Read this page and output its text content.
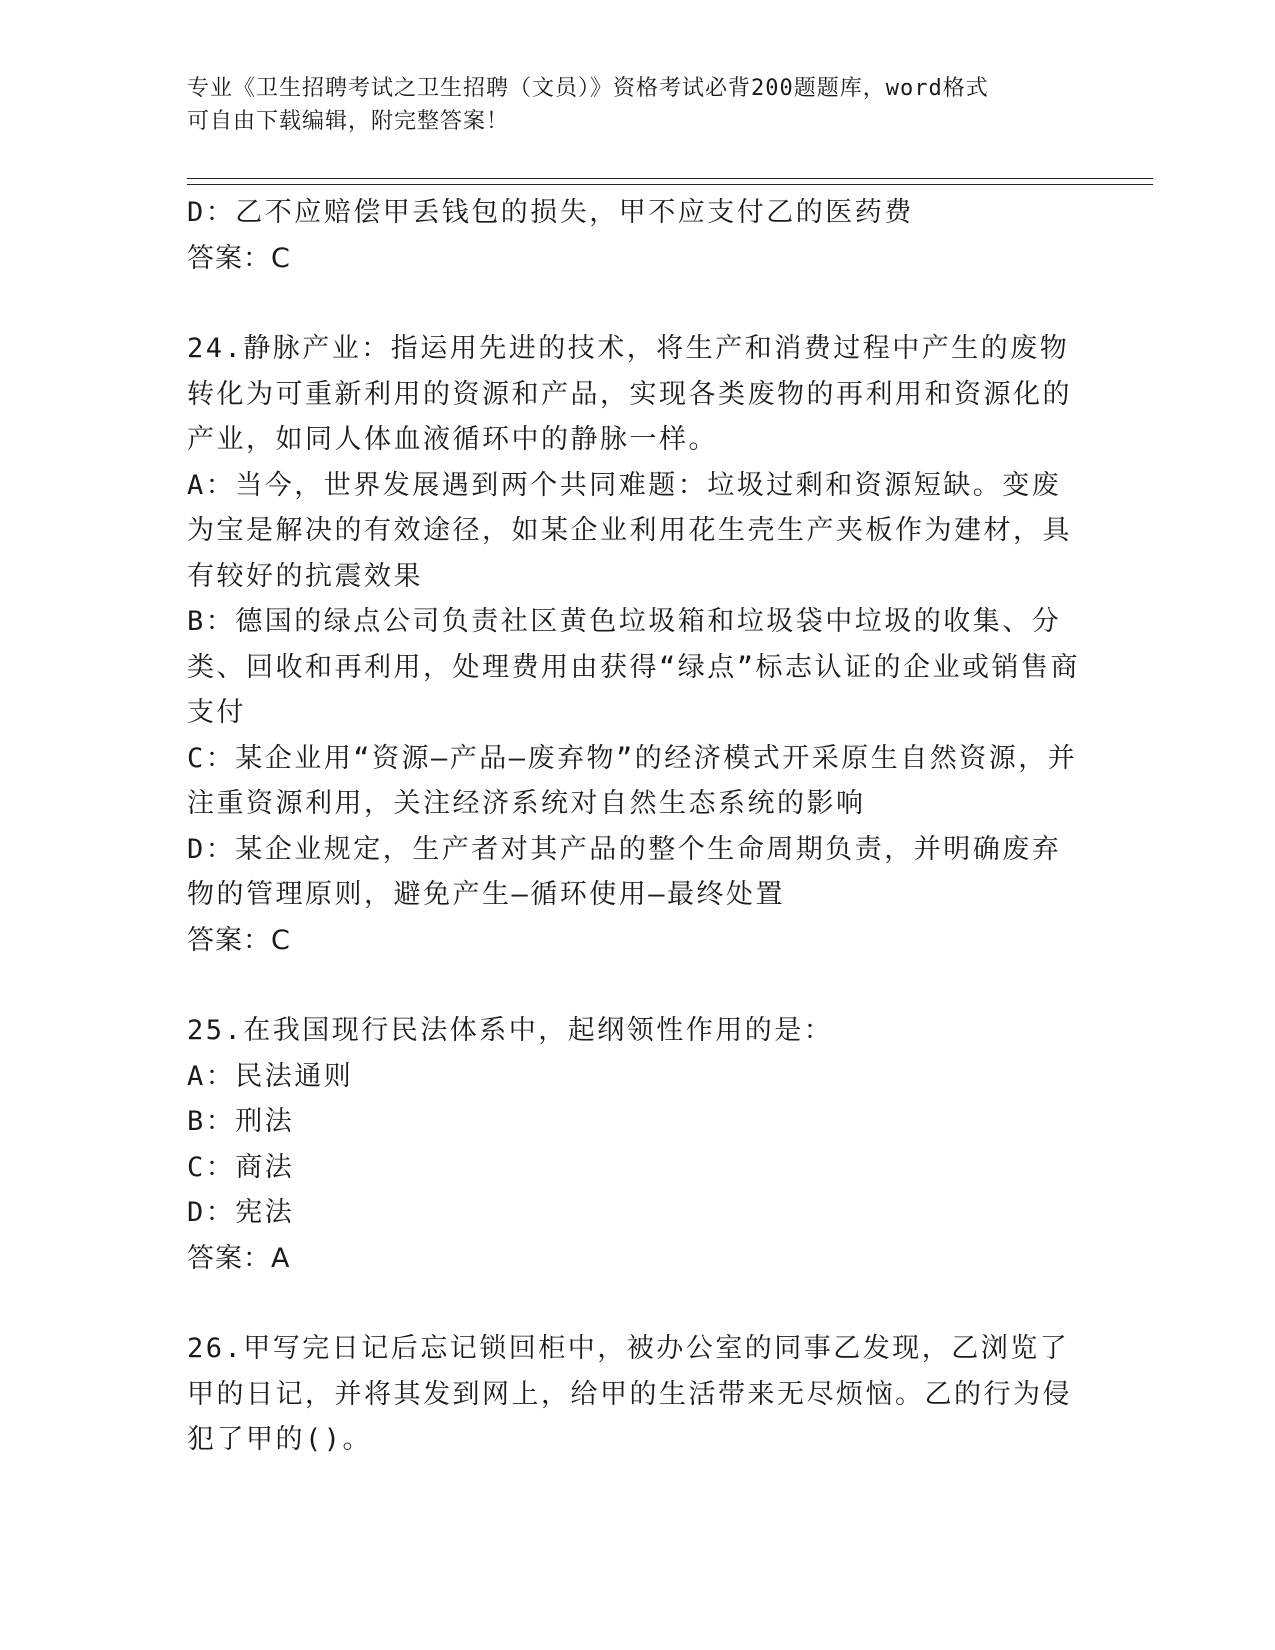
专业《卫生招聘考试之卫生招聘（文员）》资格考试必背200题题库，word格式
可自由下载编辑，附完整答案！

D：乙不应赔偿甲丢钱包的损失，甲不应支付乙的医药费

答案：C

24.静脉产业：指运用先进的技术，将生产和消费过程中产生的废物转化为可重新利用的资源和产品，实现各类废物的再利用和资源化的产业，如同人体血液循环中的静脉一样。

A：当今，世界发展遇到两个共同难题：垃圾过剩和资源短缺。变废为宝是解决的有效途径，如某企业利用花生壳生产夹板作为建材，具有较好的抗震效果

B：德国的绿点公司负责社区黄色垃圾箱和垃圾袋中垃圾的收集、分类、回收和再利用，处理费用由获得“绿点”标志认证的企业或销售商支付

C：某企业用“资源—产品—废弃物”的经济模式开采原生自然资源，并注重资源利用，关注经济系统对自然生态系统的影响

D：某企业规定，生产者对其产品的整个生命周期负责，并明确废弃物的管理原则，避免产生—循环使用—最终处置

答案：C

25.在我国现行民法体系中，起纲领性作用的是：

A：民法通则

B：刑法

C：商法

D：宪法

答案：A

26.甲写完日记后忘记锁回柜中，被办公室的同事乙发现，乙浏览了甲的日记，并将其发到网上，给甲的生活带来无尽烦恼。乙的行为侵犯了甲的()。
